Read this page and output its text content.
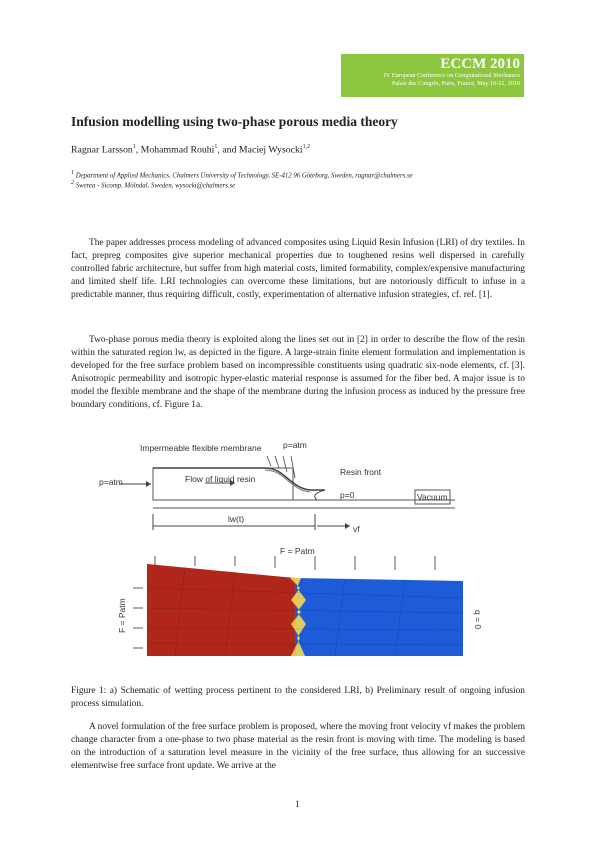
ECCM 2010
IV European Conference on Computational Mechanics
Palais des Congrès, Paris, France, May 16-21, 2010
Infusion modelling using two-phase porous media theory
Ragnar Larsson$^1$, Mohammad Rouhi$^1$, and Maciej Wysocki$^{1,2}$
$^1$ Department of Applied Mechanics, Chalmers University of Technology, SE-412 96 Göteborg, Sweden, ragnar@chalmers.se
$^2$ Swerea - Sicomp, Mölndal, Sweden, wysocki@chalmers.se

The paper addresses process modeling of advanced composites using Liquid Resin Infusion (LRI) of dry textiles. In fact, prepreg composites give superior mechanical properties due to toughened resins well dispersed in carefully controlled fabric architecture, but suffer from high material costs, limited formability, complex/expensive manufacturing and limited shelf life. LRI technologies can overcome these limitations, but are notoriously difficult to infuse in a predictable manner, thus requiring difficult, costly, experimentation of alternative infusion strategies, cf. ref. [1].

Two-phase porous media theory is exploited along the lines set out in [2] in order to describe the flow of the resin within the saturated region lw, as depicted in the figure. A large-strain finite element formulation and implementation is developed for the free surface problem based on incompressible constituents using quadratic six-node elements, cf. [3]. Anisotropic permeability and isotropic hyper-elastic material response is assumed for the fiber bed. A major issue is to model the flexible membrane and the shape of the membrane during the infusion process as induced by the pressure free boundary conditions, cf. Figure 1a.

Impermeable flexible membrane	p=atm
p=atm	Flow of liquid resin
Resin front
p=0	Vacuum
lw(t)
vf
F = Patm
F = Patm	q = 0

Figure 1: a) Schematic of wetting process pertinent to the considered LRI, b) Preliminary result of ongoing infusion process simulation.

A novel formulation of the free surface problem is proposed, where the moving front velocity vf makes the problem change character from a one-phase to two phase material as the resin front is moving with time. The modeling is based on the introduction of a saturation level measure in the vicinity of the free surface, thus allowing for an successive elementwise free surface front update. We arrive at the

1
